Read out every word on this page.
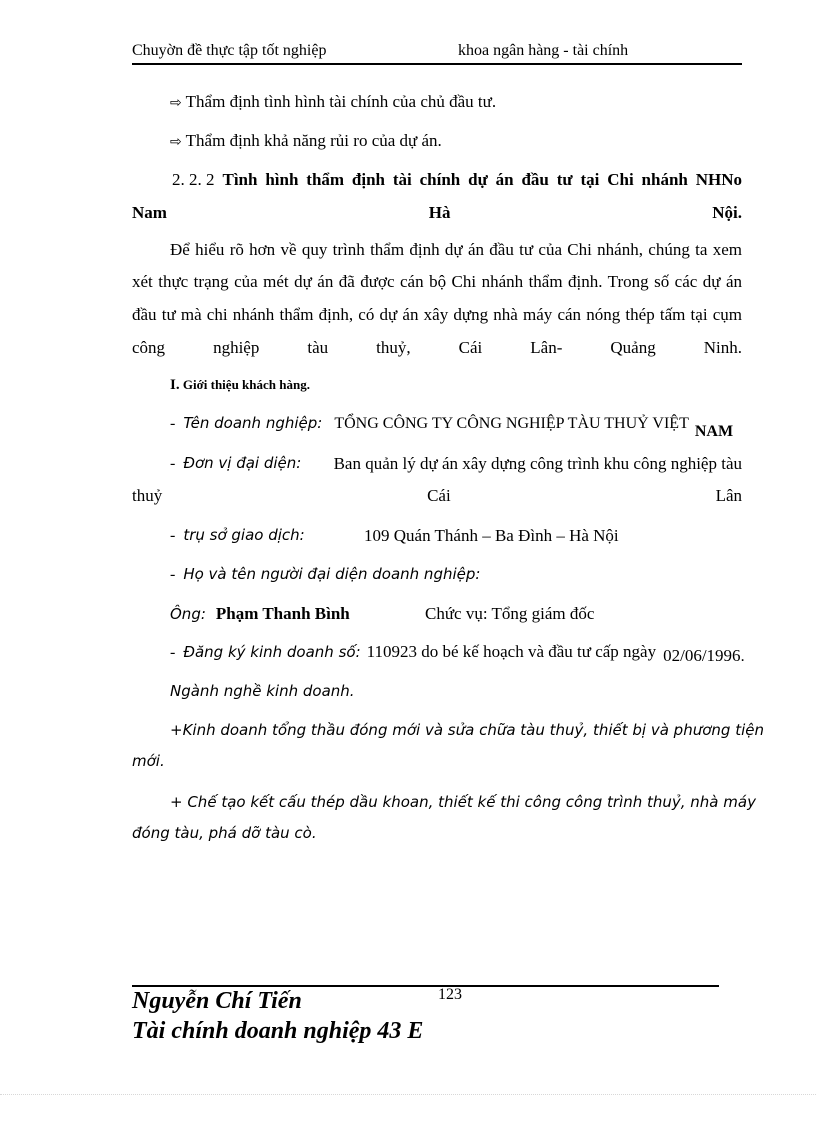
Chuyờn đề thực tập tốt nghiệp	khoa ngân hàng - tài chính
⇨ Thẩm định tình hình tài chính của chủ đầu tư.
⇨ Thẩm định khả năng rủi ro của dự án.
2. 2. 2 Tình hình thẩm định tài chính dự án đầu tư tại Chi nhánh NHNo
Nam	Hà	Nội.
Để hiểu rõ hơn về quy trình thẩm định dự án đầu tư của Chi nhánh, chúng ta xem
xét thực trạng của mét dự án đã được cán bộ Chi nhánh thẩm định. Trong số các dự án
đầu tư mà chi nhánh thẩm định, có dự án xây dựng nhà máy cán nóng thép tấm tại cụm
công	nghiệp	tàu	thuỷ,	Cái	Lân-	Quảng	Ninh.
I. Giới thiệu khách hàng.
- Tên doanh nghiệp: TỔNG CÔNG TY CÔNG NGHIỆP TÀU THUỶ VIỆT NAM
- Đơn vị đại diện: Ban quản lý dự án xây dựng công trình khu công nghiệp tàu
thuỷ	Cái	Lân
- trụ sở giao dịch:	109 Quán Thánh – Ba Đình – Hà Nội
- Họ và tên người đại diện doanh nghiệp:
Ông: Phạm Thanh Bình	Chức vụ: Tổng giám đốc
- Đăng ký kinh doanh số: 110923 do bé kế hoạch và đầu tư cấp ngày 02/06/1996.
Ngành nghề kinh doanh.
+Kinh doanh tổng thầu đóng mới và sửa chữa tàu thuỷ, thiết bị và phương tiện
mới.
+ Chế tạo kết cấu thép dầu khoan, thiết kế thi công công trình thuỷ, nhà máy
đóng tàu, phá dỡ tàu cò.
123
Nguyễn Chí Tiến
Tài chính doanh nghiệp 43 E
